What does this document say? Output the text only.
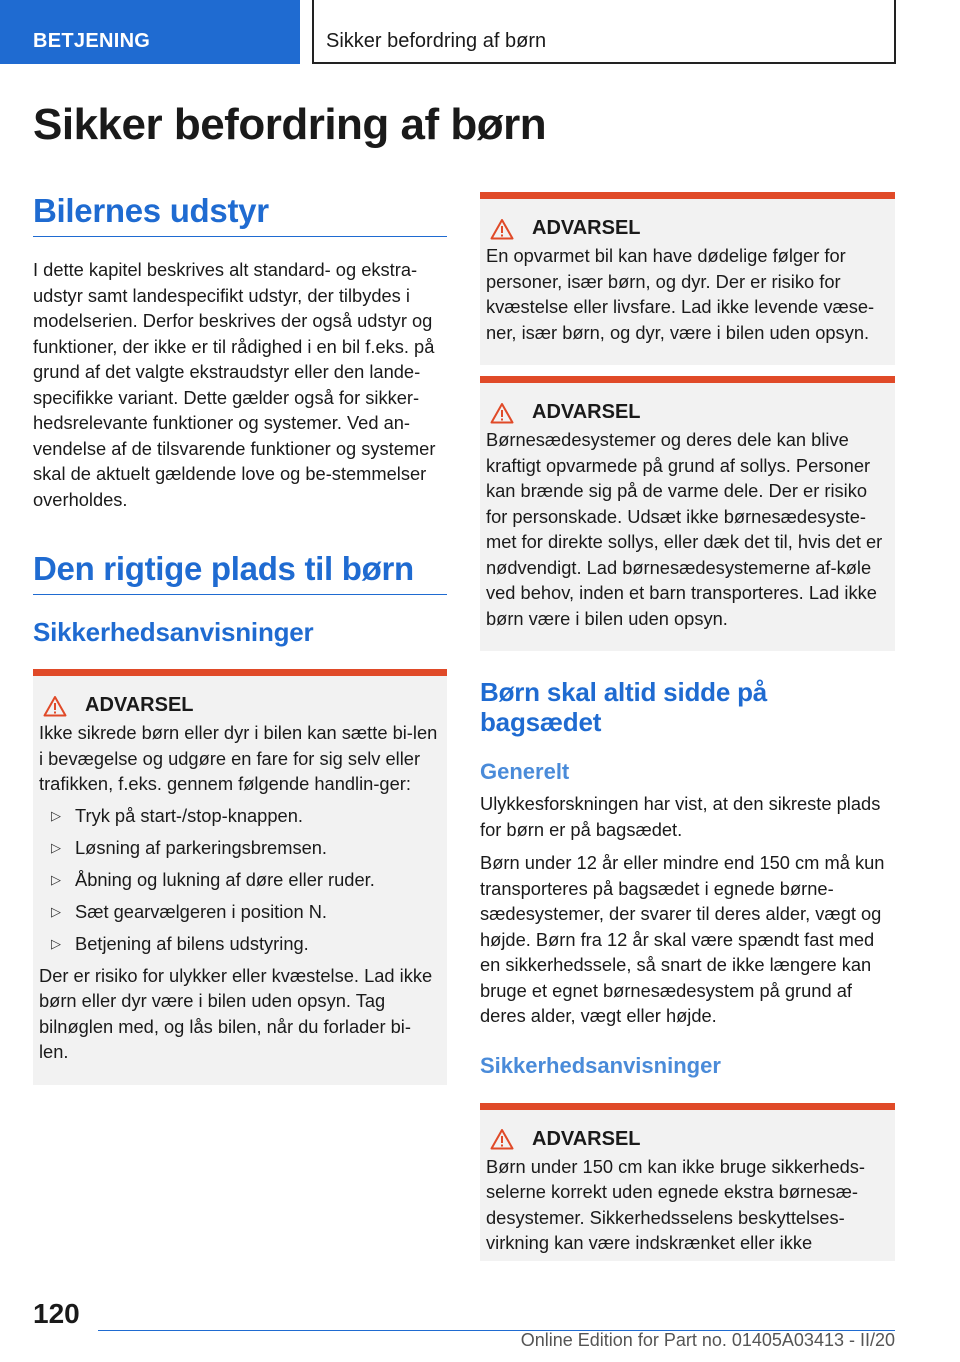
BETJENING	Sikker befordring af børn
Sikker befordring af børn
Bilernes udstyr

I dette kapitel beskrives alt standard- og ekstra-udstyr samt landespecifikt udstyr, der tilbydes i modelserien. Derfor beskrives der også udstyr og funktioner, der ikke er til rådighed i en bil f.eks. på grund af det valgte ekstraudstyr eller den lande-specifikke variant. Dette gælder også for sikker-hedsrelevante funktioner og systemer. Ved an-vendelse af de tilsvarende funktioner og systemer skal de aktuelt gældende love og be-stemmelser overholdes.

Den rigtige plads til børn
Sikkerhedsanvisninger
ADVARSEL

Ikke sikrede børn eller dyr i bilen kan sætte bi-len i bevægelse og udgøre en fare for sig selv eller trafikken, f.eks. gennem følgende handlin-ger:

▷ Tryk på start-/stop-knappen.
▷ Løsning af parkeringsbremsen.
▷ Åbning og lukning af døre eller ruder.
▷ Sæt gearvælgeren i position N.
▷ Betjening af bilens udstyring.

Der er risiko for ulykker eller kvæstelse. Lad ikke børn eller dyr være i bilen uden opsyn. Tag bilnøglen med, og lås bilen, når du forlader bi-len.

ADVARSEL

En opvarmet bil kan have dødelige følger for personer, især børn, og dyr. Der er risiko for kvæstelse eller livsfare. Lad ikke levende væse-ner, især børn, og dyr, være i bilen uden opsyn.

ADVARSEL

Børnesædesystemer og deres dele kan blive kraftigt opvarmede på grund af sollys. Personer kan brænde sig på de varme dele. Der er risiko for personskade. Udsæt ikke børnesædesyste-met for direkte sollys, eller dæk det til, hvis det er nødvendigt. Lad børnesædesystemerne af-køle ved behov, inden et barn transporteres. Lad ikke børn være i bilen uden opsyn.

Børn skal altid sidde på bagsædet
Generelt

Ulykkesforskningen har vist, at den sikreste plads for børn er på bagsædet.

Børn under 12 år eller mindre end 150 cm må kun transporteres på bagsædet i egnede børne-sædesystemer, der svarer til deres alder, vægt og højde. Børn fra 12 år skal være spændt fast med en sikkerhedssele, så snart de ikke længere kan bruge et egnet børnesædesystem på grund af deres alder, vægt eller højde.

Sikkerhedsanvisninger
ADVARSEL

Børn under 150 cm kan ikke bruge sikkerheds-selerne korrekt uden egnede ekstra børnesæ-desystemer. Sikkerhedsselens beskyttelses-virkning kan være indskrænket eller ikke

120
Online Edition for Part no. 01405A03413 - II/20
